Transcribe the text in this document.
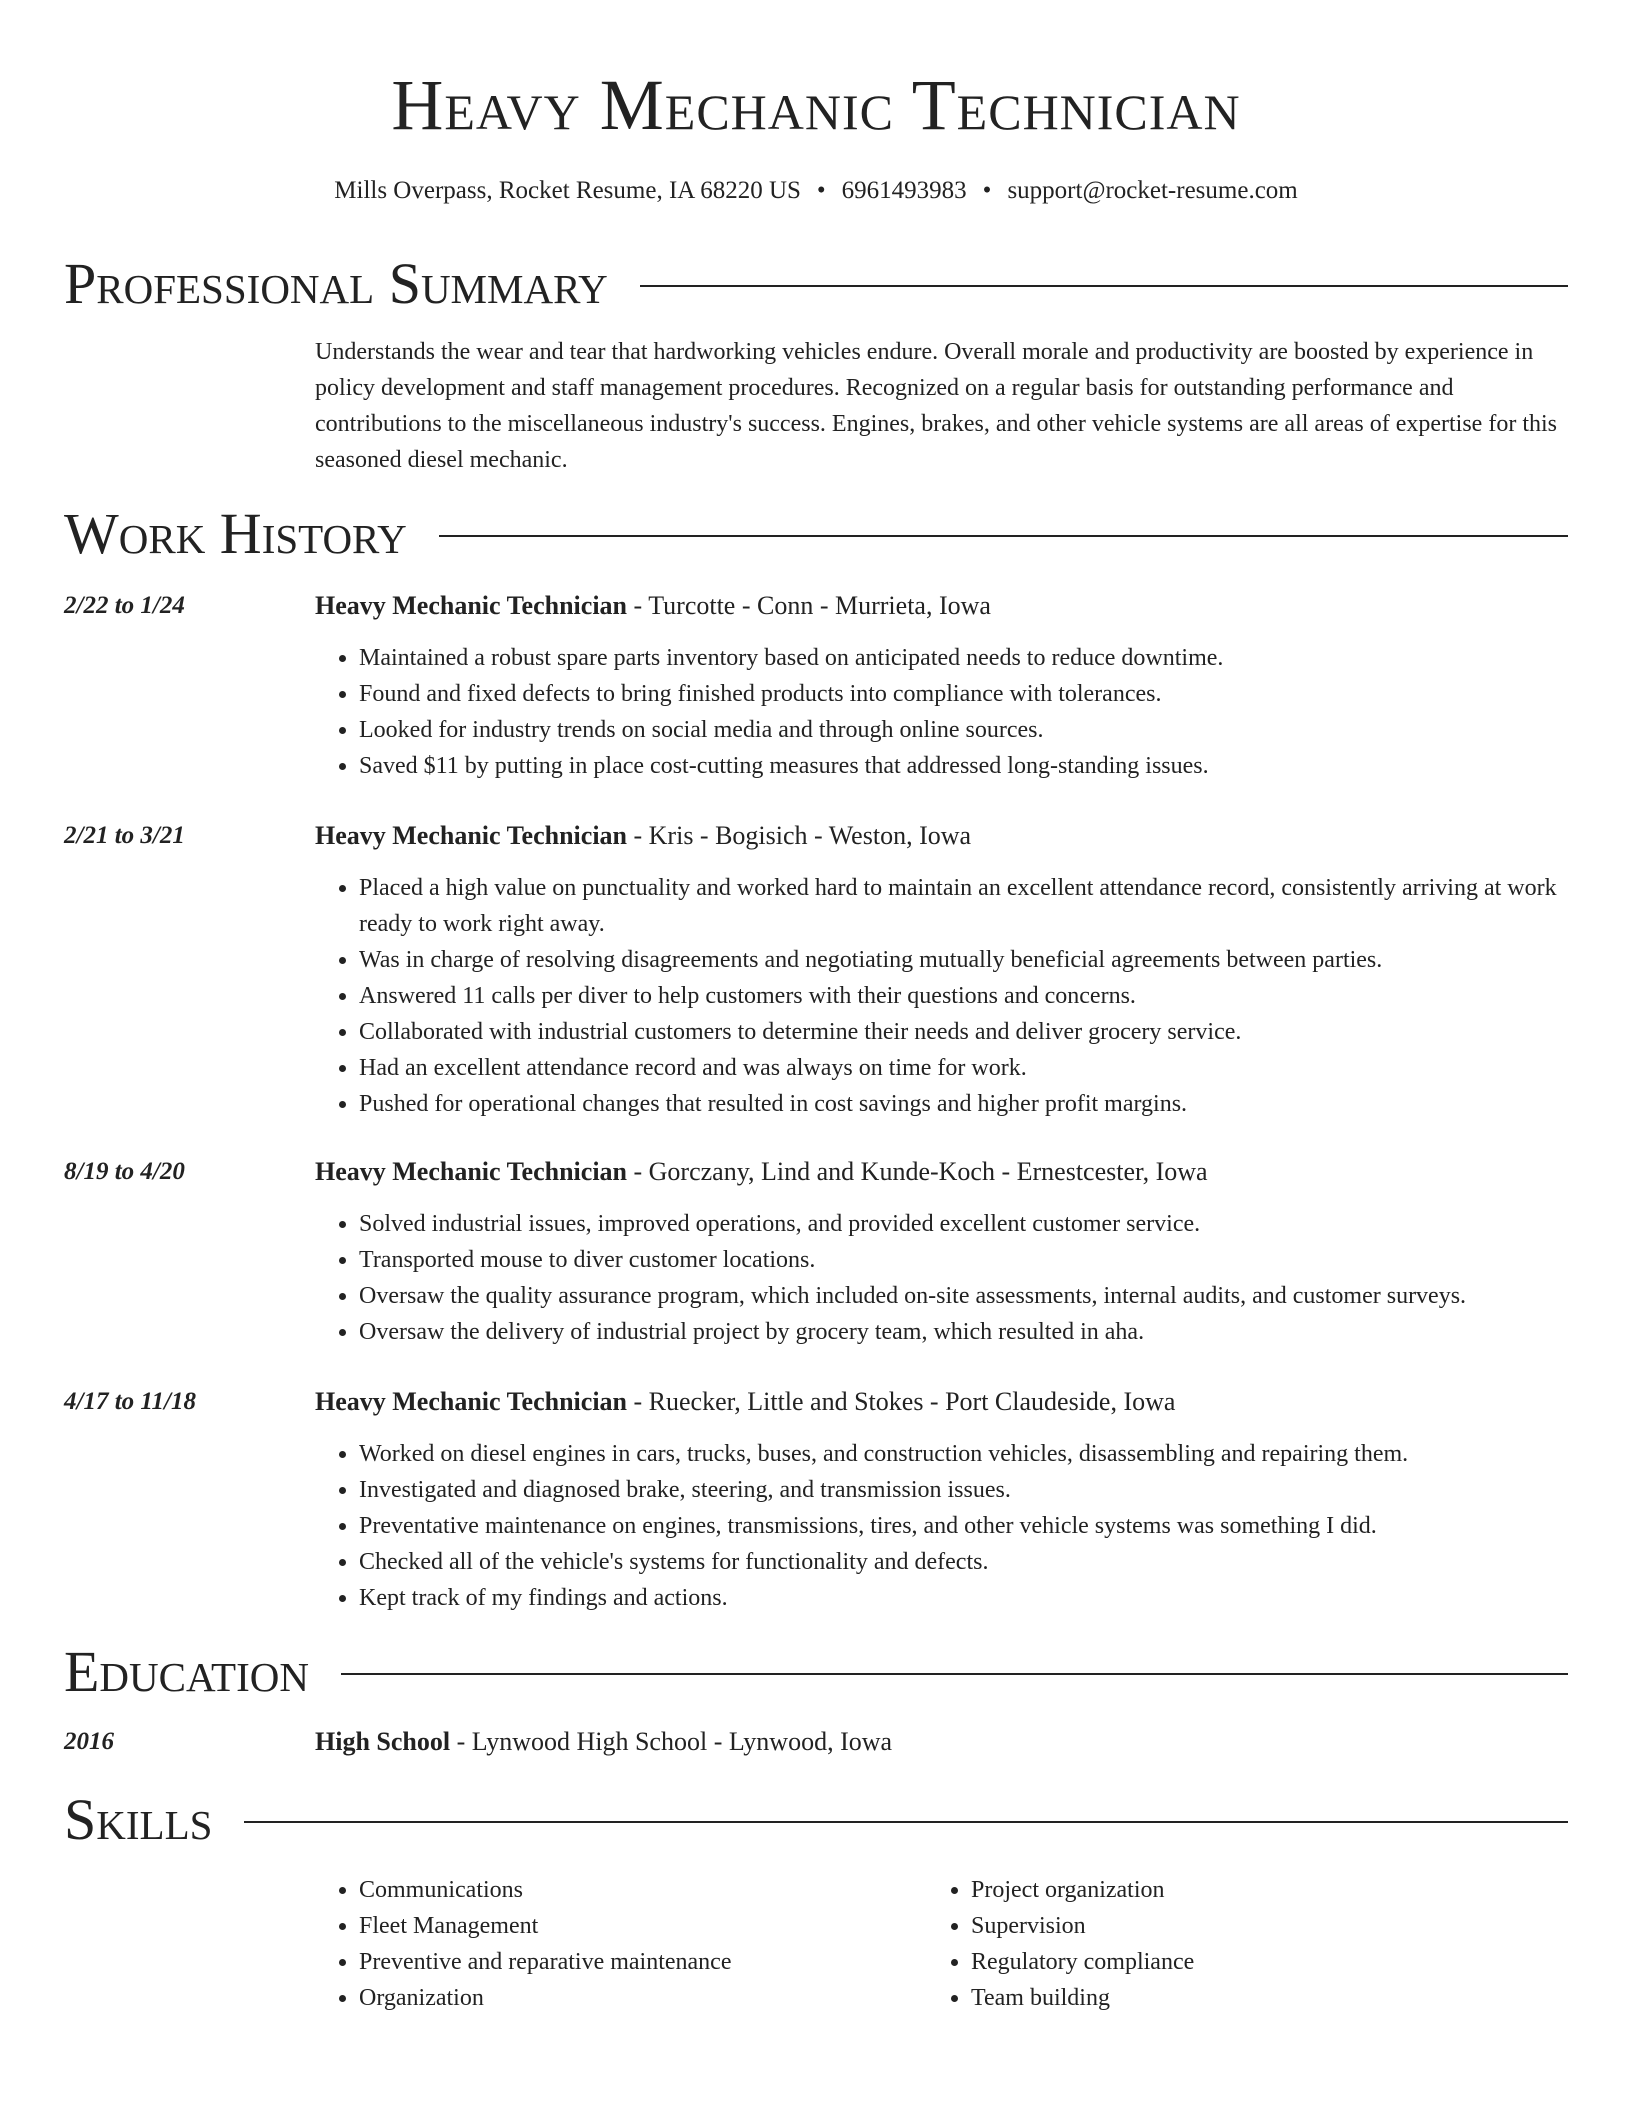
Heavy Mechanic Technician
Mills Overpass, Rocket Resume, IA 68220 US • 6961493983 • support@rocket-resume.com
Professional Summary

Understands the wear and tear that hardworking vehicles endure. Overall morale and productivity are boosted by experience in policy development and staff management procedures. Recognized on a regular basis for outstanding performance and contributions to the miscellaneous industry's success. Engines, brakes, and other vehicle systems are all areas of expertise for this seasoned diesel mechanic.

Work History
2/22 to 1/24	Heavy Mechanic Technician - Turcotte - Conn - Murrieta, Iowa
• Maintained a robust spare parts inventory based on anticipated needs to reduce downtime.
• Found and fixed defects to bring finished products into compliance with tolerances.
• Looked for industry trends on social media and through online sources.
• Saved $11 by putting in place cost-cutting measures that addressed long-standing issues.
2/21 to 3/21	Heavy Mechanic Technician - Kris - Bogisich - Weston, Iowa
• Placed a high value on punctuality and worked hard to maintain an excellent attendance record, consistently arriving at work ready to work right away.
• Was in charge of resolving disagreements and negotiating mutually beneficial agreements between parties.
• Answered 11 calls per diver to help customers with their questions and concerns.
• Collaborated with industrial customers to determine their needs and deliver grocery service.
• Had an excellent attendance record and was always on time for work.
• Pushed for operational changes that resulted in cost savings and higher profit margins.
8/19 to 4/20	Heavy Mechanic Technician - Gorczany, Lind and Kunde-Koch - Ernestcester, Iowa
• Solved industrial issues, improved operations, and provided excellent customer service.
• Transported mouse to diver customer locations.
• Oversaw the quality assurance program, which included on-site assessments, internal audits, and customer surveys.
• Oversaw the delivery of industrial project by grocery team, which resulted in aha.
4/17 to 11/18	Heavy Mechanic Technician - Ruecker, Little and Stokes - Port Claudeside, Iowa
• Worked on diesel engines in cars, trucks, buses, and construction vehicles, disassembling and repairing them.
• Investigated and diagnosed brake, steering, and transmission issues.
• Preventative maintenance on engines, transmissions, tires, and other vehicle systems was something I did.
• Checked all of the vehicle's systems for functionality and defects.
• Kept track of my findings and actions.
Education
2016	High School - Lynwood High School - Lynwood, Iowa
Skills
• Communications
• Fleet Management
• Preventive and reparative maintenance
• Organization
• Project organization
• Supervision
• Regulatory compliance
• Team building
